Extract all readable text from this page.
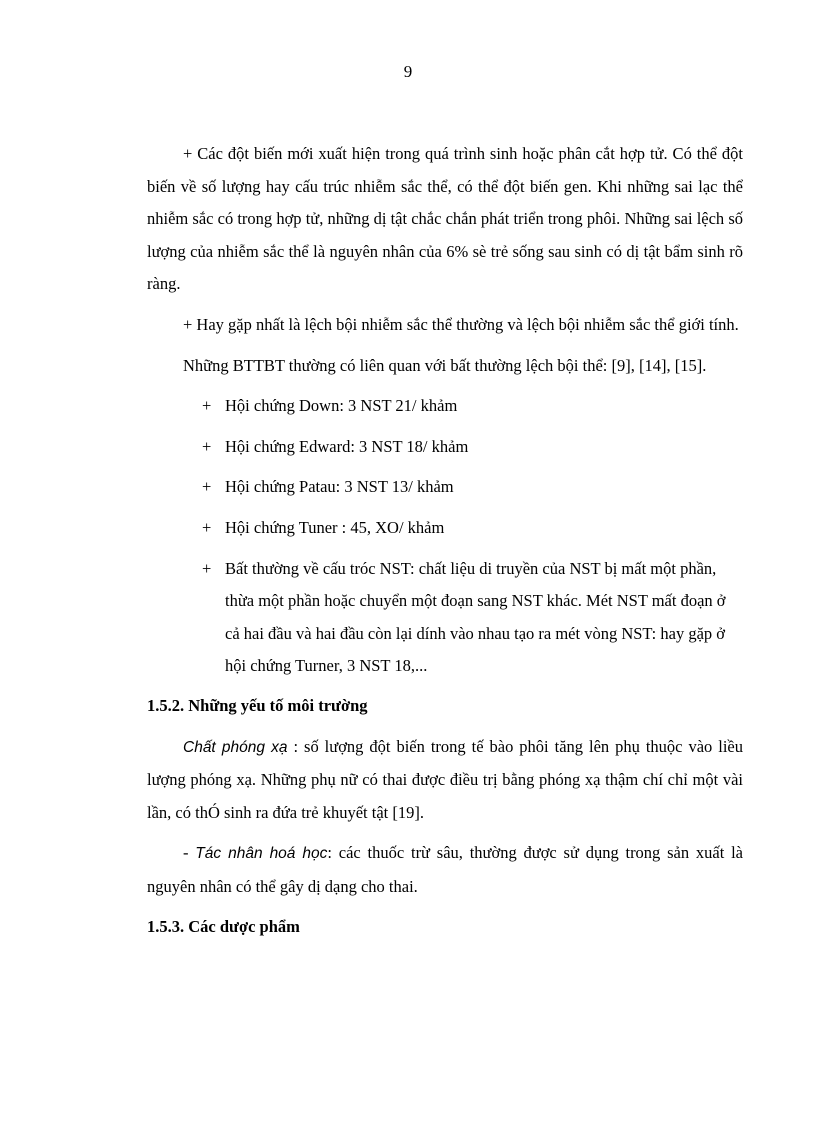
9

+ Các đột biến mới xuất hiện trong quá trình sinh hoặc phân cắt hợp tử. Có thể đột biến về số lượng hay cấu trúc nhiễm sắc thể, có thể đột biến gen. Khi những sai lạc thể nhiễm sắc có trong hợp tử, những dị tật chắc chắn phát triển trong phôi. Những sai lệch số lượng của nhiễm sắc thể là nguyên nhân của 6% sè trẻ sống sau sinh có dị tật bẩm sinh rõ ràng.

+ Hay gặp nhất là lệch bội nhiễm sắc thể thường và lệch bội nhiễm sắc thể giới tính.

Những BTTBT thường có liên quan với bất thường lệch bội thể: [9], [14], [15].

+ Hội chứng Down: 3 NST 21/ khảm
+ Hội chứng Edward: 3 NST 18/ khảm
+ Hội chứng Patau: 3 NST 13/ khảm
+ Hội chứng Tuner : 45, XO/ khảm
+ Bất thường về cấu tróc NST: chất liệu di truyền của NST bị mất một phần, thừa một phần hoặc chuyển một đoạn sang NST khác. Mét NST mất đoạn ở cả hai đầu và hai đầu còn lại dính vào nhau tạo ra mét vòng NST: hay gặp ở hội chứng Turner, 3 NST 18,...

1.5.2. Những yếu tố môi trường

Chất phóng xạ : số lượng đột biến trong tế bào phôi tăng lên phụ thuộc vào liều lượng phóng xạ. Những phụ nữ có thai được điều trị bằng phóng xạ thậm chí chỉ một vài lần, có thÓ sinh ra đứa trẻ khuyết tật [19].

- Tác nhân hoá học: các thuốc trừ sâu, thường được sử dụng trong sản xuất là nguyên nhân có thể gây dị dạng cho thai.

1.5.3. Các dược phẩm
